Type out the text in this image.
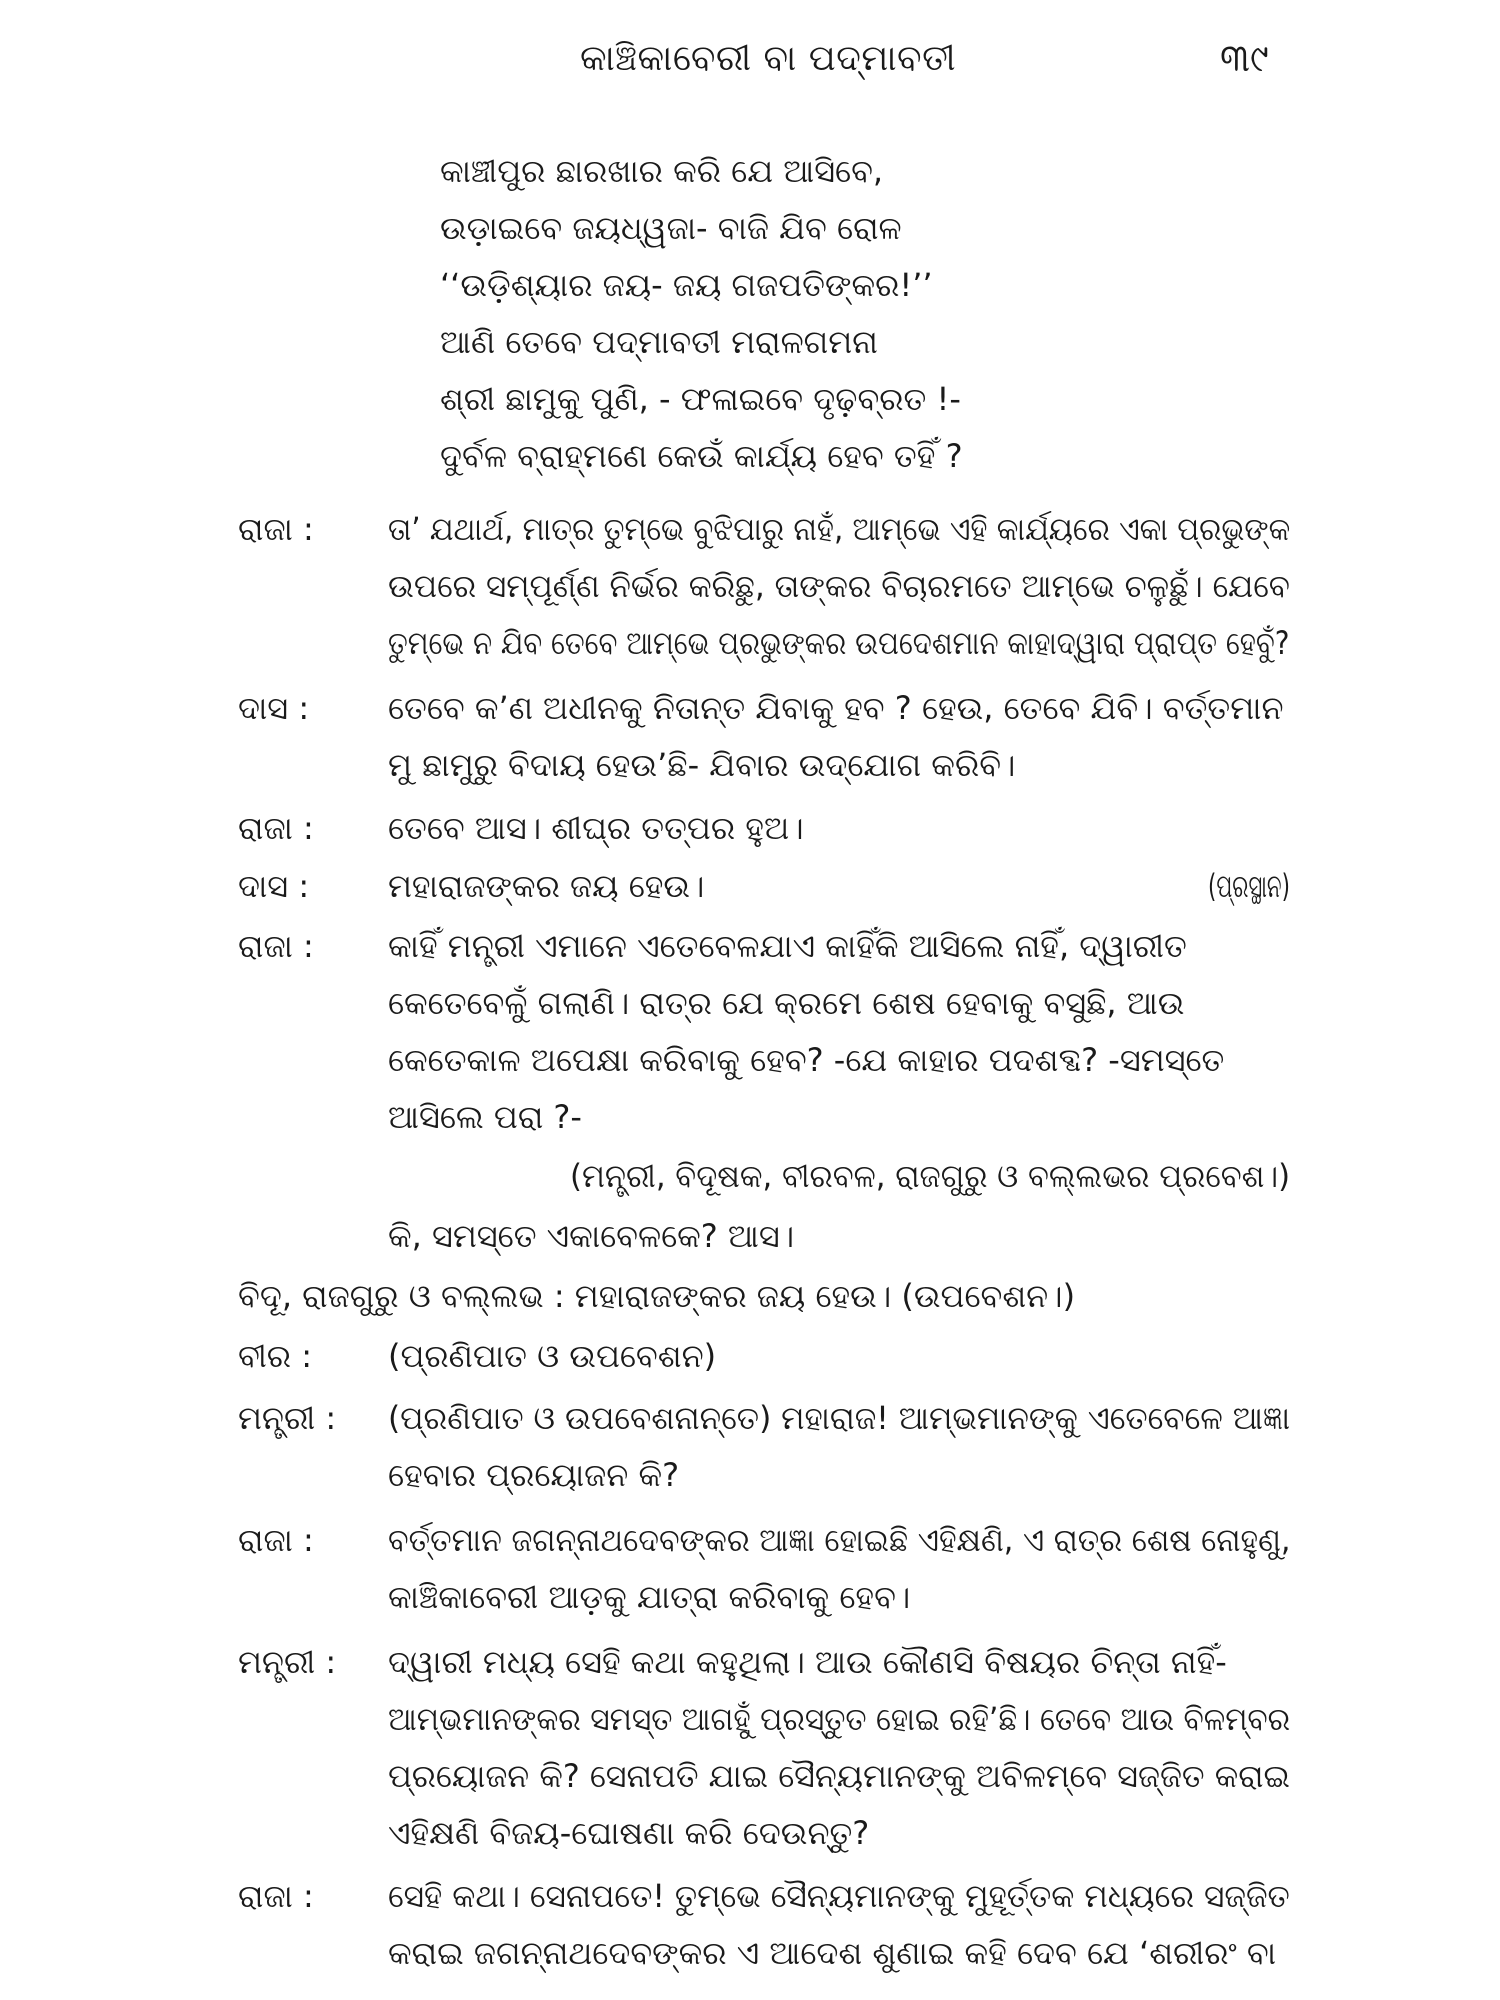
କାଞ୍ଚିକାବେରୀ ବା ପଦ୍ମାବତୀ	୩୯
କାଞ୍ଚୀପୁର ଛାରଖାର କରି ଯେ ଆସିବେ,
ଉଡ଼ାଇବେ ଜୟଧ୍ୱଜା- ବାଜି ଯିବ ରୋଳ
‘‘ଉଡ଼ିଶ୍ୟାର ଜୟ- ଜୟ ଗଜପତିଙ୍କର!’’
ଆଣି ତେବେ ପଦ୍ମାବତୀ ମରାଳଗମନା
ଶ୍ରୀ ଛାମୁକୁ ପୁଣି, - ଫଳାଇବେ ଦୃଢ଼ବ୍ରତ !-
ଦୁର୍ବଳ ବ୍ରାହ୍ମଣେ କେଉଁ କାର୍ଯ୍ୟ ହେବ ତହିଁ ?
ରାଜା : ତା’ ଯଥାର୍ଥ, ମାତ୍ର ତୁମ୍ଭେ ବୁଝିପାରୁ ନାହଁ, ଆମ୍ଭେ ଏହି କାର୍ଯ୍ୟରେ ଏକା ପ୍ରଭୁଙ୍କ
ଉପରେ ସମ୍ପୂର୍ଣ୍ଣ ନିର୍ଭର କରିଛୁ, ତାଙ୍କର ବିଚାରମତେ ଆମ୍ଭେ ଚଳୁଛୁଁ। ଯେବେ
ତୁମ୍ଭେ ନ ଯିବ ତେବେ ଆମ୍ଭେ ପ୍ରଭୁଙ୍କର ଉପଦେଶମାନ କାହାଦ୍ୱାରା ପ୍ରାପ୍ତ ହେବୁଁ?
ଦାସ : ତେବେ କ’ଣ ଅଧୀନକୁ ନିତାନ୍ତ ଯିବାକୁ ହବ ? ହେଉ, ତେବେ ଯିବି। ବର୍ତ୍ତମାନ
ମୁ ଛାମୁରୁ ବିଦାୟ ହେଉ’ଛି- ଯିବାର ଉଦ୍‌ଯୋଗ କରିବି।
ରାଜା : ତେବେ ଆସ। ଶୀଘ୍ର ତତ୍ପର ହୁଅ।
ଦାସ : ମହାରାଜଙ୍କର ଜୟ ହେଉ।	(ପ୍ରସ୍ଥାନ)
ରାଜା : କାହିଁ ମନ୍ତ୍ରୀ ଏମାନେ ଏତେବେଳଯାଏ କାହିଁକି ଆସିଲେ ନାହିଁ, ଦ୍ୱାରୀତ
କେତେବେଳୁଁ ଗଲାଣି। ରାତ୍ର ଯେ କ୍ରମେ ଶେଷ ହେବାକୁ ବସୁଛି, ଆଉ
କେତେକାଳ ଅପେକ୍ଷା କରିବାକୁ ହେବ? -ଯେ କାହାର ପଦଶବ୍ଦ? -ସମସ୍ତେ
ଆସିଲେ ପରା ?-
(ମନ୍ତ୍ରୀ, ବିଦୂଷକ, ବୀରବଳ, ରାଜଗୁରୁ ଓ ବଲ୍ଲଭର ପ୍ରବେଶ।)
କି, ସମସ୍ତେ ଏକାବେଳକେ? ଆସ।
ବିଦୂ, ରାଜଗୁରୁ ଓ ବଲ୍ଲଭ : ମହାରାଜଙ୍କର ଜୟ ହେଉ। (ଉପବେଶନ।)
ବୀର : (ପ୍ରଣିପାତ ଓ ଉପବେଶନ)
ମନ୍ତ୍ରୀ : (ପ୍ରଣିପାତ ଓ ଉପବେଶନାନ୍ତେ) ମହାରାଜ! ଆମ୍ଭମାନଙ୍କୁ ଏତେବେଳେ ଆଜ୍ଞା
ହେବାର ପ୍ରୟୋଜନ କି?
ରାଜା : ବର୍ତ୍ତମାନ ଜଗନ୍ନାଥଦେବଙ୍କର ଆଜ୍ଞା ହୋଇଛି ଏହିକ୍ଷଣି, ଏ ରାତ୍ର ଶେଷ ନୋହୁଣୁ,
କାଞ୍ଚିକାବେରୀ ଆଡ଼କୁ ଯାତ୍ରା କରିବାକୁ ହେବ।
ମନ୍ତ୍ରୀ : ଦ୍ୱାରୀ ମଧ୍ୟ ସେହି କଥା କହୁଥିଲା। ଆଉ କୌଣସି ବିଷୟର ଚିନ୍ତା ନାହିଁ-
ଆମ୍ଭମାନଙ୍କର ସମସ୍ତ ଆଗହୁଁ ପ୍ରସ୍ତୁତ ହୋଇ ରହି’ଛି। ତେବେ ଆଉ ବିଳମ୍ବର
ପ୍ରୟୋଜନ କି? ସେନାପତି ଯାଇ ସୈନ୍ୟମାନଙ୍କୁ ଅବିଳମ୍ବେ ସଜ୍ଜିତ କରାଇ
ଏହିକ୍ଷଣି ବିଜୟ-ଘୋଷଣା କରି ଦେଉନ୍ତୁ?
ରାଜା : ସେହି କଥା। ସେନାପତେ! ତୁମ୍ଭେ ସୈନ୍ୟମାନଙ୍କୁ ମୁହୂର୍ତ୍ତକ ମଧ୍ୟରେ ସଜ୍ଜିତ
କରାଇ ଜଗନ୍ନାଥଦେବଙ୍କର ଏ ଆଦେଶ ଶୁଣାଇ କହି ଦେବ ଯେ ‘ଶରୀରଂ ବା
